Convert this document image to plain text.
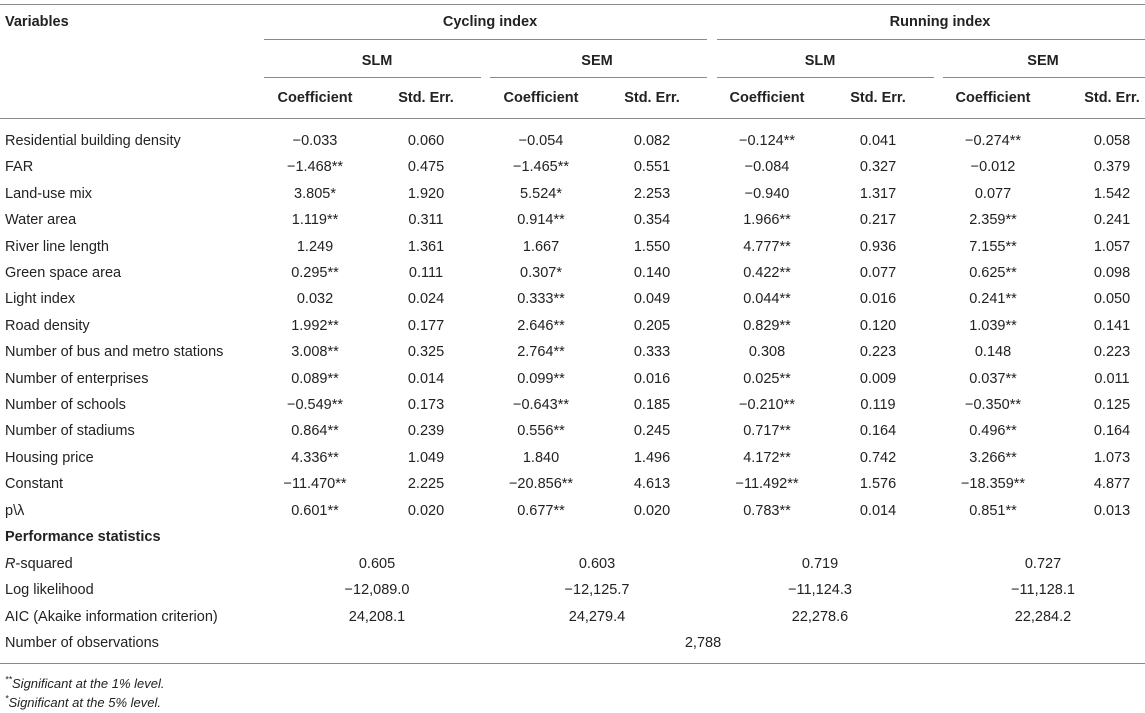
Variables	Cycling index	Running index
SLM	SEM	SLM	SEM
Coefficient	Std. Err.	Coefficient	Std. Err.	Coefficient	Std. Err.	Coefficient	Std. Err.
Residential building density	−0.033	0.060	−0.054	0.082	−0.124**	0.041	−0.274**	0.058
FAR	−1.468**	0.475	−1.465**	0.551	−0.084	0.327	−0.012	0.379
Land-use mix	3.805*	1.920	5.524*	2.253	−0.940	1.317	0.077	1.542
Water area	1.119**	0.311	0.914**	0.354	1.966**	0.217	2.359**	0.241
River line length	1.249	1.361	1.667	1.550	4.777**	0.936	7.155**	1.057
Green space area	0.295**	0.111	0.307*	0.140	0.422**	0.077	0.625**	0.098
Light index	0.032	0.024	0.333**	0.049	0.044**	0.016	0.241**	0.050
Road density	1.992**	0.177	2.646**	0.205	0.829**	0.120	1.039**	0.141
Number of bus and metro stations	3.008**	0.325	2.764**	0.333	0.308	0.223	0.148	0.223
Number of enterprises	0.089**	0.014	0.099**	0.016	0.025**	0.009	0.037**	0.011
Number of schools	−0.549**	0.173	−0.643**	0.185	−0.210**	0.119	−0.350**	0.125
Number of stadiums	0.864**	0.239	0.556**	0.245	0.717**	0.164	0.496**	0.164
Housing price	4.336**	1.049	1.840	1.496	4.172**	0.742	3.266**	1.073
Constant	−11.470**	2.225	−20.856**	4.613	−11.492**	1.576	−18.359**	4.877
p\λ	0.601**	0.020	0.677**	0.020	0.783**	0.014	0.851**	0.013
Performance statistics
R-squared	0.605	0.603	0.719	0.727
Log likelihood	−12,089.0	−12,125.7	−11,124.3	−11,128.1
AIC (Akaike information criterion)	24,208.1	24,279.4	22,278.6	22,284.2
Number of observations	2,788
**Significant at the 1% level.
*Significant at the 5% level.
